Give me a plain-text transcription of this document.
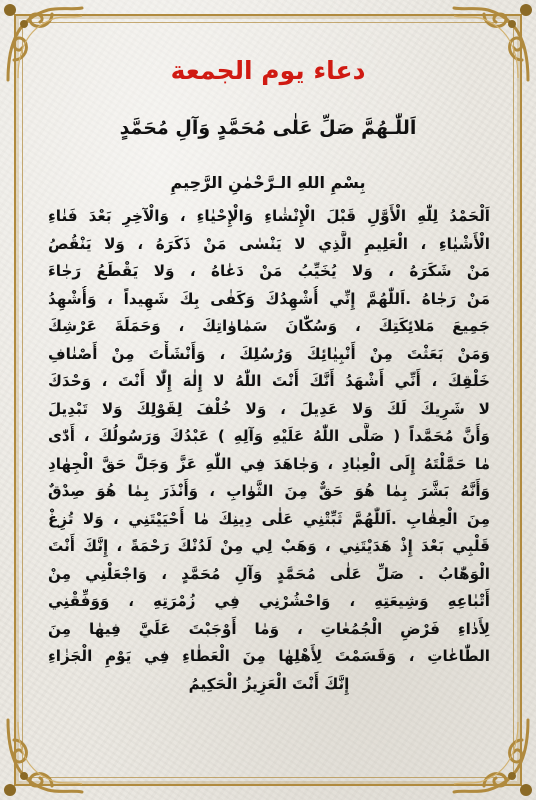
دعاء يوم الجمعة
اَللّٰـهُمَّ صَلِّ عَلٰى مُحَمَّدٍ وَآلِ مُحَمَّدٍ
بِسْمِ اللهِ الـرَّحْمٰنِ الرَّحِيمِ
اَلْحَمْدُ لِلّٰهِ الْأَوَّلِ قَبْلَ الْإِنْشٰاءِ وَالْإِحْيٰاءِ ، وَالْآخِرِ بَعْدَ فَنٰاءِ
الْأَشْيٰاءِ ، الْعَلِيمِ الَّذِي لا يَنْسٰى مَنْ ذَكَرَهُ ، وَلا يَنْقُصُ
مَنْ شَكَرَهُ ، وَلا يُخَيِّبُ مَنْ دَعٰاهُ ، وَلا يَقْطَعُ رَجٰاءَ
مَنْ رَجٰاهُ .اَللّٰهُمَّ إِنِّي أُشْهِدُكَ وَكَفٰى بِكَ شَهِيداً ، وَأُشْهِدُ
جَمِيعَ مَلائِكَتِكَ ، وَسُكّٰانَ سَمٰاوٰاتِكَ ، وَحَمَلَةَ عَرْشِكَ
وَمَنْ بَعَثْتَ مِنْ أَنْبِيٰائِكَ وَرُسُلِكَ ، وَأَنْشَأْتَ مِنْ أَصْنٰافِ
خَلْقِكَ ، أَنِّي أَشْهَدُ أَنَّكَ أَنْتَ اللّٰهُ لا إِلٰهَ إِلّٰا أَنْتَ ، وَحْدَكَ
لا شَرِيكَ لَكَ وَلا عَدِيلَ ، وَلا خُلْفَ لِقَوْلِكَ وَلا تَبْدِيلَ
وَأَنَّ مُحَمَّداً ( صَلَّى اللّٰهُ عَلَيْهِ وَآلِهِ ) عَبْدُكَ وَرَسُولُكَ ، أَدّٰى
مٰا حَمَّلْتَهُ إِلَى الْعِبٰادِ ، وَجٰاهَدَ فِي اللّٰهِ عَزَّ وَجَلَّ حَقَّ الْجِهٰادِ
وَأَنَّهُ بَشَّرَ بِمٰا هُوَ حَقٌّ مِنَ الثَّوٰابِ ، وَأَنْذَرَ بِمٰا هُوَ صِدْقٌ
مِنَ الْعِقٰابِ .اَللّٰهُمَّ ثَبِّتْنِي عَلٰى دِينِكَ مٰا أَحْيَيْتَنِي ، وَلا تُزِغْ
قَلْبِي بَعْدَ إِذْ هَدَيْتَنِي ، وَهَبْ لِي مِنْ لَدُنْكَ رَحْمَةً ، إِنَّكَ أَنْتَ
الْوَهّٰابُ . صَلِّ عَلٰى مُحَمَّدٍ وَآلِ مُحَمَّدٍ ، وَاجْعَلْنِي مِنْ
أَتْبٰاعِهِ وَشِيعَتِهِ ، وَاحْشُرْنِي فِي زُمْرَتِهِ ، وَوَفِّقْنِي
لِأَدٰاءِ فَرْضِ الْجُمُعٰاتِ ، وَمٰا أَوْجَبْتَ عَلَيَّ فِيهٰا مِنَ
الطّٰاعٰاتِ ، وَقَسَمْتَ لِأَهْلِهٰا مِنَ الْعَطٰاءِ فِي يَوْمِ الْجَزٰاءِ
إِنَّكَ أَنْتَ الْعَزِيزُ الْحَكِيمُ
